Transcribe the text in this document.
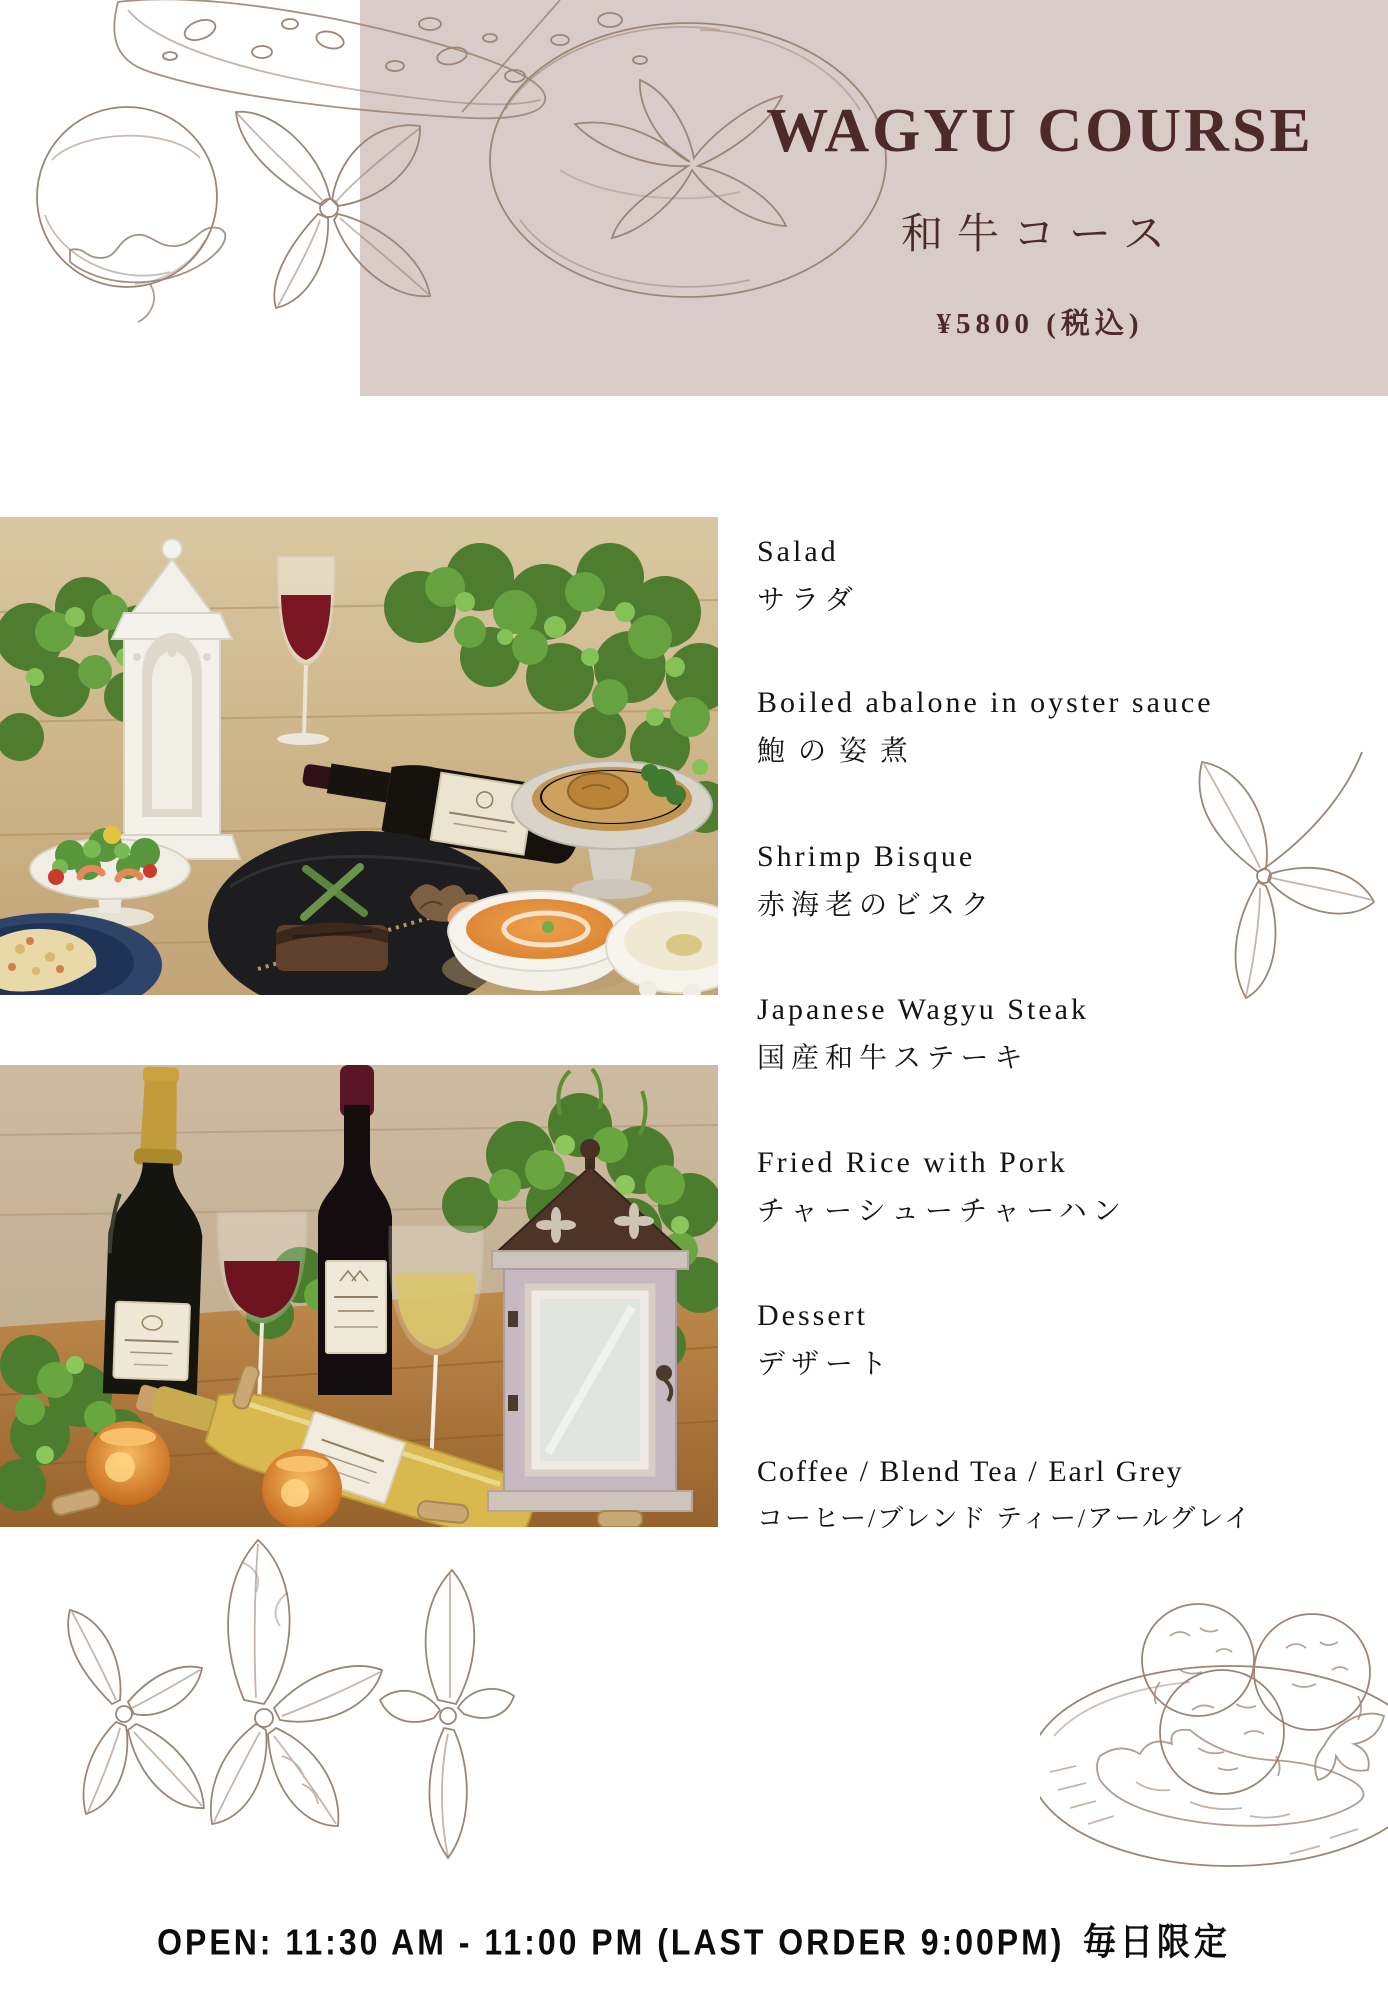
WAGYU COURSE
和牛コース
¥5800 (税込)
Salad
サラダ
Boiled abalone in oyster sauce
鮑の姿煮
Shrimp Bisque
赤海老のビスク
Japanese Wagyu Steak
国産和牛ステーキ
Fried Rice with Pork
チャーシューチャーハン
Dessert
デザート
Coffee / Blend Tea / Earl Grey
コーヒー/ブレンド ティー/アールグレイ
OPEN: 11:30 AM - 11:00 PM (LAST ORDER 9:00PM) 毎日限定
